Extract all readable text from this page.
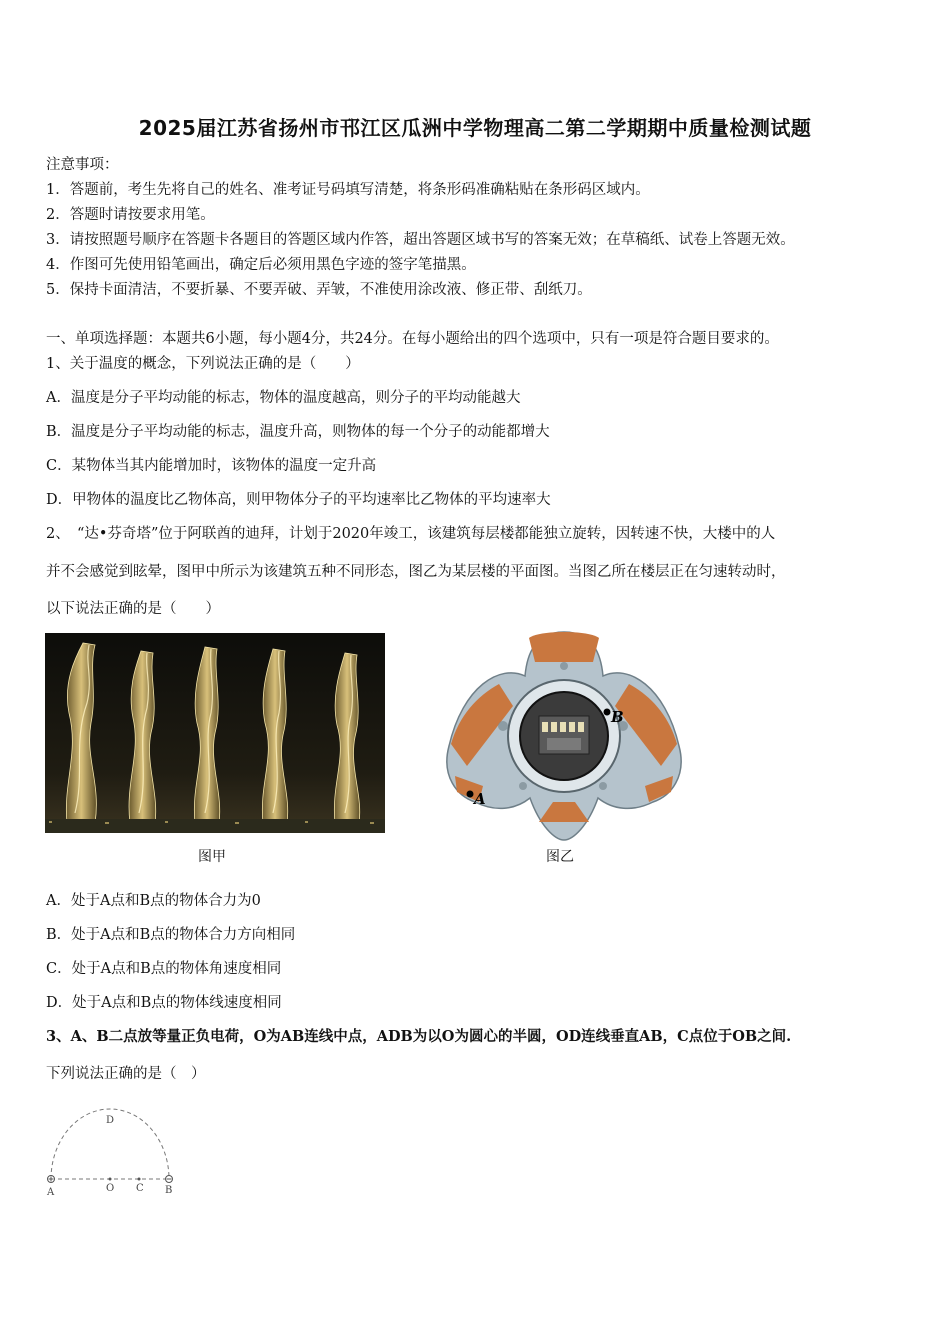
2025届江苏省扬州市邗江区瓜洲中学物理高二第二学期期中质量检测试题
注意事项：
1．答题前，考生先将自己的姓名、准考证号码填写清楚，将条形码准确粘贴在条形码区域内。
2．答题时请按要求用笔。
3．请按照题号顺序在答题卡各题目的答题区域内作答，超出答题区域书写的答案无效；在草稿纸、试卷上答题无效。
4．作图可先使用铅笔画出，确定后必须用黑色字迹的签字笔描黑。
5．保持卡面清洁，不要折暴、不要弄破、弄皱，不准使用涂改液、修正带、刮纸刀。
一、单项选择题：本题共6小题，每小题4分，共24分。在每小题给出的四个选项中，只有一项是符合题目要求的。
1、关于温度的概念，下列说法正确的是（　　）
A．温度是分子平均动能的标志，物体的温度越高，则分子的平均动能越大
B．温度是分子平均动能的标志，温度升高，则物体的每一个分子的动能都增大
C．某物体当其内能增加时，该物体的温度一定升高
D．甲物体的温度比乙物体高，则甲物体分子的平均速率比乙物体的平均速率大
2、　“达•芬奇塔”位于阿联酋的迪拜，计划于2020年竣工，该建筑每层楼都能独立旋转，因转速不快，大楼中的人
并不会感觉到眩晕，图甲中所示为该建筑五种不同形态，图乙为某层楼的平面图。当图乙所在楼层正在匀速转动时，
以下说法正确的是（　　）
图甲
B
A
图乙
A．处于A点和B点的物体合力为0
B．处于A点和B点的物体合力方向相同
C．处于A点和B点的物体角速度相同
D．处于A点和B点的物体线速度相同
3、A、B二点放等量正负电荷，O为AB连线中点，ADB为以O为圆心的半圆，OD连线垂直AB，C点位于OB之间.
下列说法正确的是（　）
A	O C B
D
